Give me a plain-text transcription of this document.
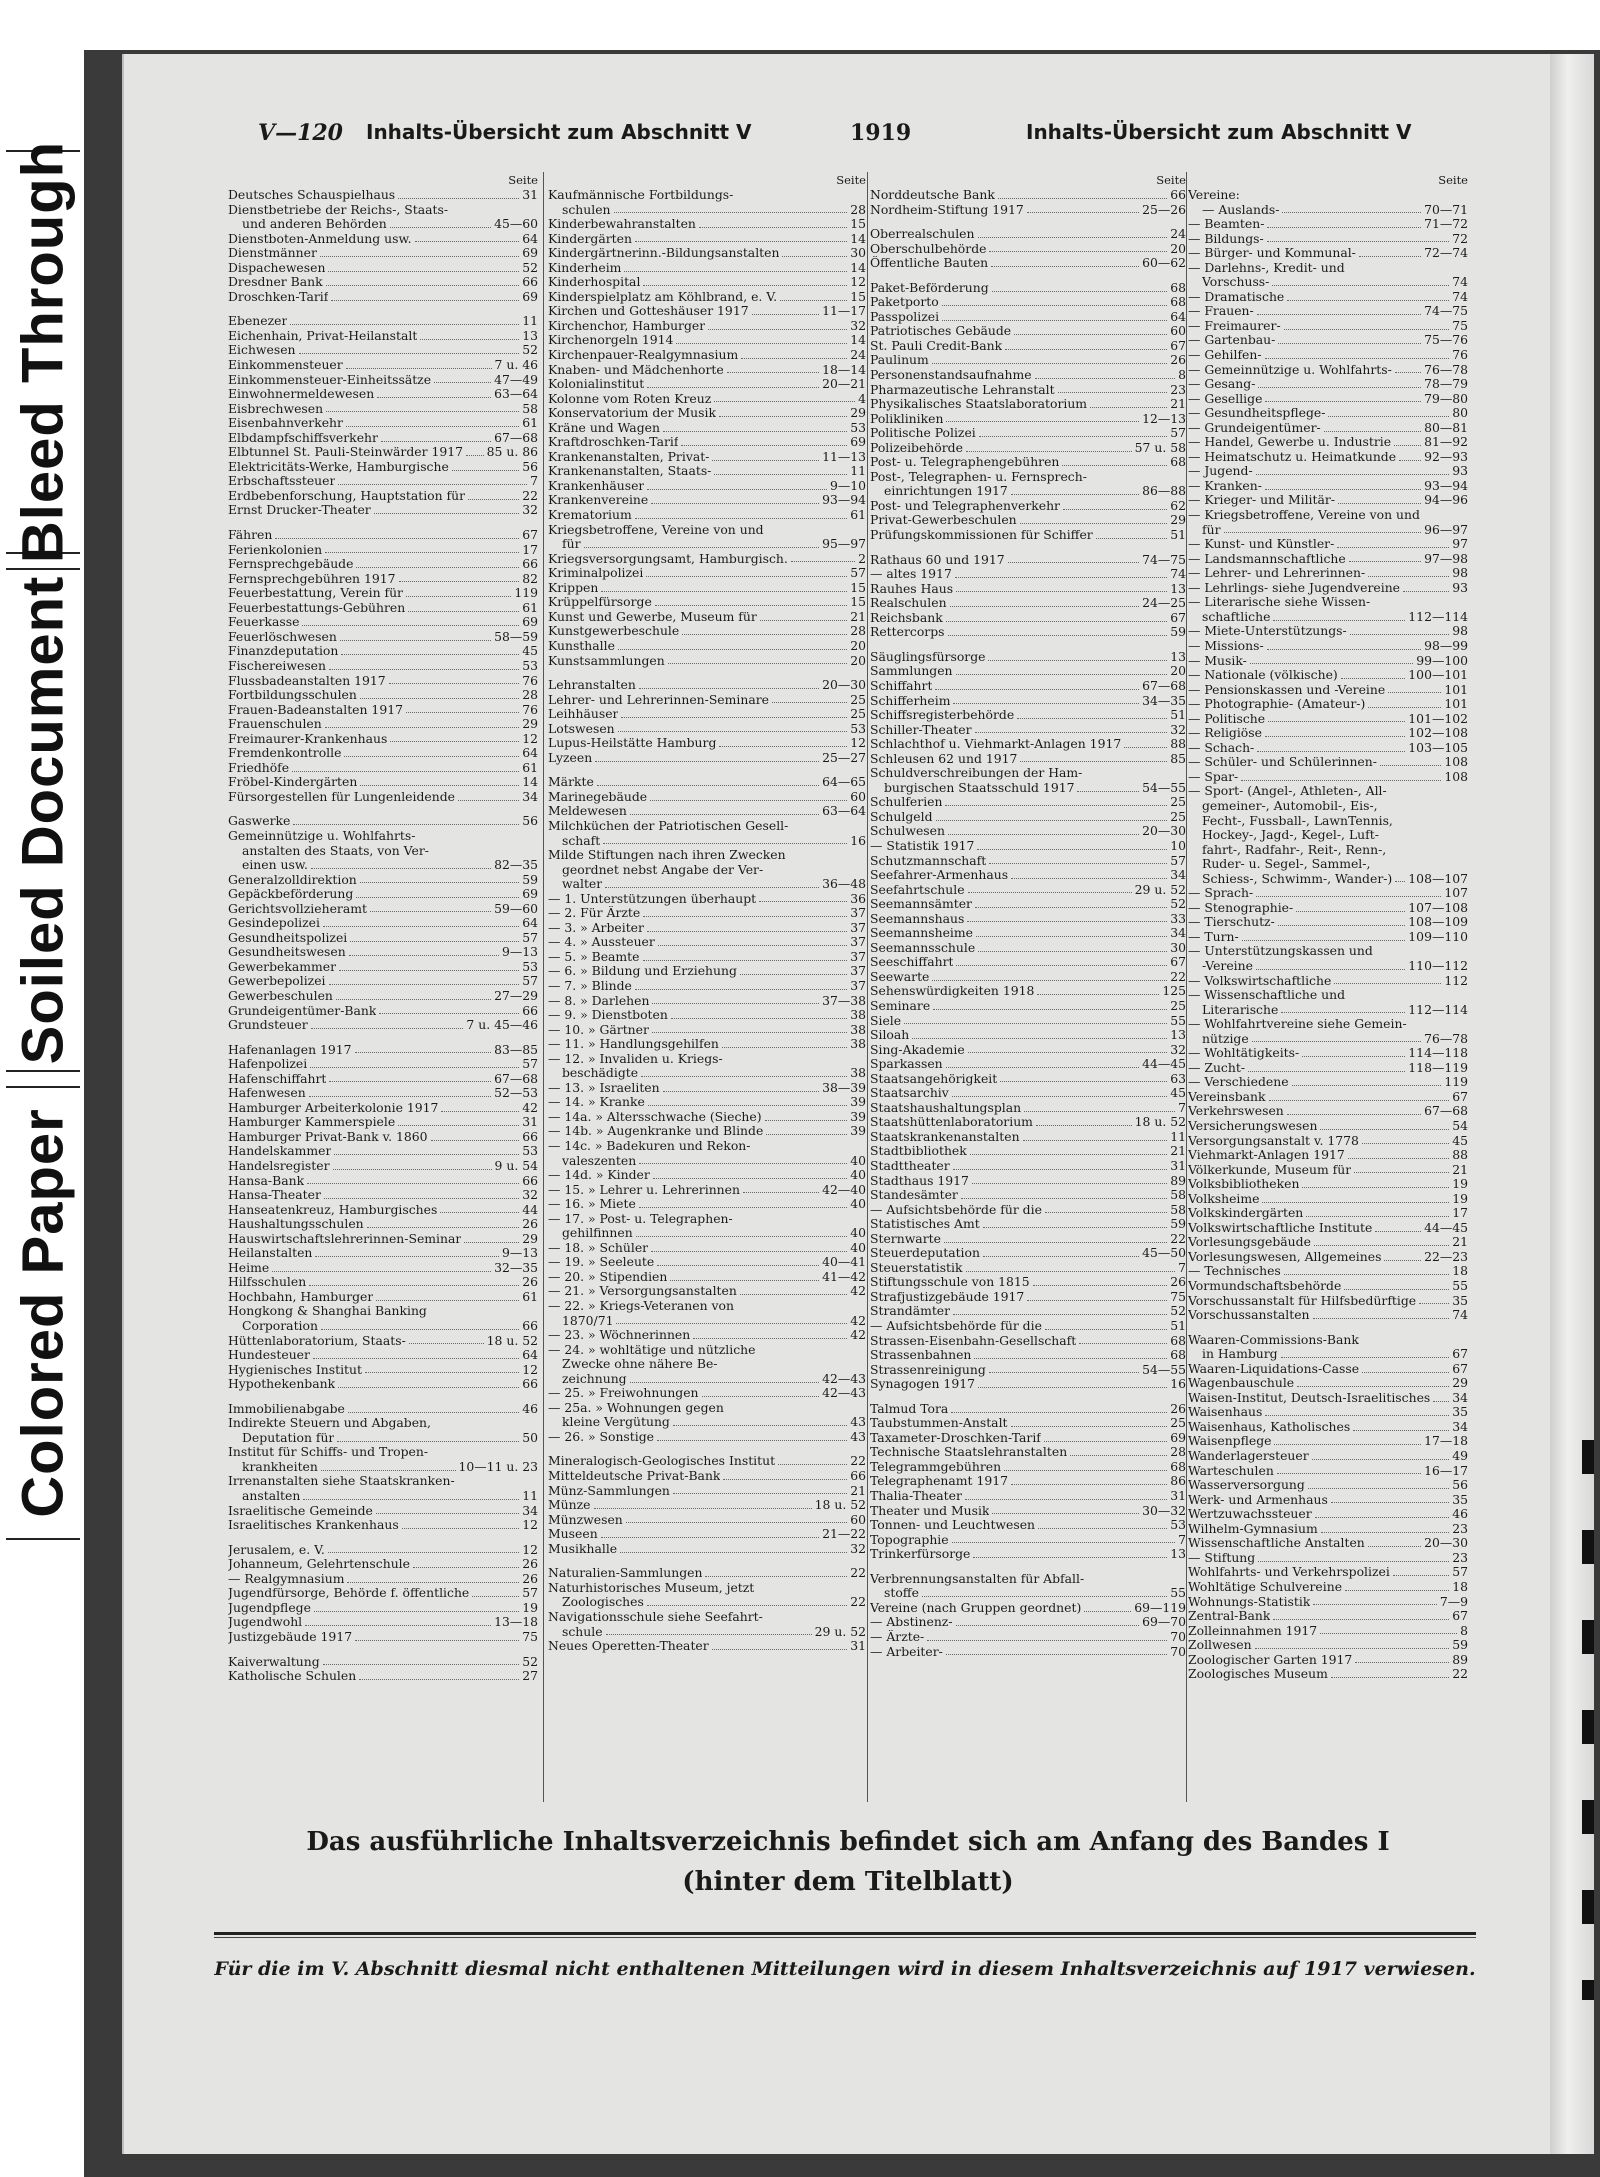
Bleed Through
Soiled Document
Colored Paper
V—120 Inhalts-Übersicht zum Abschnitt V	1919	Inhalts-Übersicht zum Abschnitt V
Seite
Deutsches Schauspielhaus	31
Dienstbetriebe der Reichs-, Staats-
und anderen Behörden	45—60
Dienstboten-Anmeldung usw.	64
Dienstmänner	69
Dispachewesen	52
Dresdner Bank	66
Droschken-Tarif	69
Ebenezer	11
Eichenhain, Privat-Heilanstalt	13
Eichwesen	52
Einkommensteuer	7 u. 46
Einkommensteuer-Einheitssätze	47—49
Einwohnermeldewesen	63—64
Eisbrechwesen	58
Eisenbahnverkehr	61
Elbdampfschiffsverkehr	67—68
Elbtunnel St. Pauli-Steinwärder 1917 85 u. 86
Elektricitäts-Werke, Hamburgische	56
Erbschaftssteuer	7
Erdbebenforschung, Hauptstation für	22
Ernst Drucker-Theater	32
Fähren	67
Ferienkolonien	17
Fernsprechgebäude	66
Fernsprechgebühren 1917	82
Feuerbestattung, Verein für	119
Feuerbestattungs-Gebühren	61
Feuerkasse	69
Feuerlöschwesen	58—59
Finanzdeputation	45
Fischereiwesen	53
Flussbadeanstalten 1917	76
Fortbildungsschulen	28
Frauen-Badeanstalten 1917	76
Frauenschulen	29
Freimaurer-Krankenhaus	12
Fremdenkontrolle	64
Friedhöfe	61
Fröbel-Kindergärten	14
Fürsorgestellen für Lungenleidende	34
Gaswerke	56
Gemeinnützige u. Wohlfahrts-
anstalten des Staats, von Ver-
einen usw.	82—35
Generalzolldirektion	59
Gepäckbeförderung	69
Gerichtsvollzieheramt	59—60
Gesindepolizei	64
Gesundheitspolizei	57
Gesundheitswesen	9—13
Gewerbekammer	53
Gewerbepolizei	57
Gewerbeschulen	27—29
Grundeigentümer-Bank	66
Grundsteuer	7 u. 45—46
Hafenanlagen 1917	83—85
Hafenpolizei	57
Hafenschiffahrt	67—68
Hafenwesen	52—53
Hamburger Arbeiterkolonie 1917	42
Hamburger Kammerspiele	31
Hamburger Privat-Bank v. 1860	66
Handelskammer	53
Handelsregister	9 u. 54
Hansa-Bank	66
Hansa-Theater	32
Hanseatenkreuz, Hamburgisches	44
Haushaltungsschulen	26
Hauswirtschaftslehrerinnen-Seminar	29
Heilanstalten	9—13
Heime	32—35
Hilfsschulen	26
Hochbahn, Hamburger	61
Hongkong & Shanghai Banking
Corporation	66
Hüttenlaboratorium, Staats-	18 u. 52
Hundesteuer	64
Hygienisches Institut	12
Hypothekenbank	66
Immobilienabgabe	46
Indirekte Steuern und Abgaben,
Deputation für	50
Institut für Schiffs- und Tropen-
krankheiten	10—11 u. 23
Irrenanstalten siehe Staatskranken-
anstalten	11
Israelitische Gemeinde	34
Israelitisches Krankenhaus	12
Jerusalem, e. V.	12
Johanneum, Gelehrtenschule	26
— Realgymnasium	26
Jugendfürsorge, Behörde f. öffentliche	57
Jugendpflege	19
Jugendwohl	13—18
Justizgebäude 1917	75
Kaiverwaltung	52
Katholische Schulen	27
Seite
Kaufmännische Fortbildungs-
schulen	28
Kinderbewahranstalten	15
Kindergärten	14
Kindergärtnerinn.-Bildungsanstalten	30
Kinderheim	14
Kinderhospital	12
Kinderspielplatz am Köhlbrand, e. V.	15
Kirchen und Gotteshäuser 1917	11—17
Kirchenchor, Hamburger	32
Kirchenorgeln 1914	14
Kirchenpauer-Realgymnasium	24
Knaben- und Mädchenhorte	18—14
Kolonialinstitut	20—21
Kolonne vom Roten Kreuz	4
Konservatorium der Musik	29
Kräne und Wagen	53
Kraftdroschken-Tarif	69
Krankenanstalten, Privat-	11—13
Krankenanstalten, Staats-	11
Krankenhäuser	9—10
Krankenvereine	93—94
Krematorium	61
Kriegsbetroffene, Vereine von und
für	95—97
Kriegsversorgungsamt, Hamburgisch.	2
Kriminalpolizei	57
Krippen	15
Krüppelfürsorge	15
Kunst und Gewerbe, Museum für	21
Kunstgewerbeschule	28
Kunsthalle	20
Kunstsammlungen	20
Lehranstalten	20—30
Lehrer- und Lehrerinnen-Seminare	25
Leihhäuser	25
Lotswesen	53
Lupus-Heilstätte Hamburg	12
Lyzeen	25—27
Märkte	64—65
Marinegebäude	60
Meldewesen	63—64
Milchküchen der Patriotischen Gesell-
schaft	16
Milde Stiftungen nach ihren Zwecken
geordnet nebst Angabe der Ver-
walter	36—48
— 1. Unterstützungen überhaupt	36
— 2. Für Ärzte	37
— 3. » Arbeiter	37
— 4. » Aussteuer	37
— 5. » Beamte	37
— 6. » Bildung und Erziehung	37
— 7. » Blinde	37
— 8. » Darlehen	37—38
— 9. » Dienstboten	38
— 10. » Gärtner	38
— 11. » Handlungsgehilfen	38
— 12. » Invaliden u. Kriegs-
beschädigte	38
— 13. » Israeliten	38—39
— 14. » Kranke	39
— 14a. » Altersschwache (Sieche)	39
— 14b. » Augenkranke und Blinde	39
— 14c. » Badekuren und Rekon-
valeszenten	40
— 14d. » Kinder	40
— 15. » Lehrer u. Lehrerinnen	42—40
— 16. » Miete	40
— 17. » Post- u. Telegraphen-
gehilfinnen	40
— 18. » Schüler	40
— 19. » Seeleute	40—41
— 20. » Stipendien	41—42
— 21. » Versorgungsanstalten	42
— 22. » Kriegs-Veteranen von
1870/71	42
— 23. » Wöchnerinnen	42
— 24. » wohltätige und nützliche
Zwecke ohne nähere Be-
zeichnung	42—43
— 25. » Freiwohnungen	42—43
— 25a. » Wohnungen gegen
kleine Vergütung	43
— 26. » Sonstige	43
Mineralogisch-Geologisches Institut	22
Mitteldeutsche Privat-Bank	66
Münz-Sammlungen	21
Münze	18 u. 52
Münzwesen	60
Museen	21—22
Musikhalle	32
Naturalien-Sammlungen	22
Naturhistorisches Museum, jetzt
Zoologisches	22
Navigationsschule siehe Seefahrt-
schule	29 u. 52
Neues Operetten-Theater	31
Seite
Norddeutsche Bank	66
Nordheim-Stiftung 1917	25—26
Oberrealschulen	24
Oberschulbehörde	20
Öffentliche Bauten	60—62
Paket-Beförderung	68
Paketporto	68
Passpolizei	64
Patriotisches Gebäude	60
St. Pauli Credit-Bank	67
Paulinum	26
Personenstandsaufnahme	8
Pharmazeutische Lehranstalt	23
Physikalisches Staatslaboratorium	21
Polikliniken	12—13
Politische Polizei	57
Polizeibehörde	57 u. 58
Post- u. Telegraphengebühren	68
Post-, Telegraphen- u. Fernsprech-
einrichtungen 1917	86—88
Post- und Telegraphenverkehr	62
Privat-Gewerbeschulen	29
Prüfungskommissionen für Schiffer	51
Rathaus 60 und 1917	74—75
— altes 1917	74
Rauhes Haus	13
Realschulen	24—25
Reichsbank	67
Rettercorps	59
Säuglingsfürsorge	13
Sammlungen	20
Schiffahrt	67—68
Schifferheim	34—35
Schiffsregisterbehörde	51
Schiller-Theater	32
Schlachthof u. Viehmarkt-Anlagen 1917	88
Schleusen 62 und 1917	85
Schuldverschreibungen der Ham-
burgischen Staatsschuld 1917	54—55
Schulferien	25
Schulgeld	25
Schulwesen	20—30
— Statistik 1917	10
Schutzmannschaft	57
Seefahrer-Armenhaus	34
Seefahrtschule	29 u. 52
Seemannsämter	52
Seemannshaus	33
Seemannsheime	34
Seemannsschule	30
Seeschiffahrt	67
Seewarte	22
Sehenswürdigkeiten 1918	125
Seminare	25
Siele	55
Siloah	13
Sing-Akademie	32
Sparkassen	44—45
Staatsangehörigkeit	63
Staatsarchiv	45
Staatshaushaltungsplan	7
Staatshüttenlaboratorium	18 u. 52
Staatskrankenanstalten	11
Stadtbibliothek	21
Stadttheater	31
Stadthaus 1917	89
Standesämter	58
— Aufsichtsbehörde für die	58
Statistisches Amt	59
Sternwarte	22
Steuerdeputation	45—50
Steuerstatistik	7
Stiftungsschule von 1815	26
Strafjustizgebäude 1917	75
Strandämter	52
— Aufsichtsbehörde für die	51
Strassen-Eisenbahn-Gesellschaft	68
Strassenbahnen	68
Strassenreinigung	54—55
Synagogen 1917	16
Talmud Tora	26
Taubstummen-Anstalt	25
Taxameter-Droschken-Tarif	69
Technische Staatslehranstalten	28
Telegrammgebühren	68
Telegraphenamt 1917	86
Thalia-Theater	31
Theater und Musik	30—32
Tonnen- und Leuchtwesen	53
Topographie	7
Trinkerfürsorge	13
Verbrennungsanstalten für Abfall-
stoffe	55
Vereine (nach Gruppen geordnet)	69—119
— Abstinenz-	69—70
— Ärzte-	70
— Arbeiter-	70
Seite
Vereine:
— Auslands-	70—71
— Beamten-	71—72
— Bildungs-	72
— Bürger- und Kommunal-	72—74
— Darlehns-, Kredit- und
Vorschuss-	74
— Dramatische	74
— Frauen-	74—75
— Freimaurer-	75
— Gartenbau-	75—76
— Gehilfen-	76
— Gemeinnützige u. Wohlfahrts-	76—78
— Gesang-	78—79
— Gesellige	79—80
— Gesundheitspflege-	80
— Grundeigentümer-	80—81
— Handel, Gewerbe u. Industrie	81—92
— Heimatschutz u. Heimatkunde 92—93
— Jugend-	93
— Kranken-	93—94
— Krieger- und Militär-	94—96
— Kriegsbetroffene, Vereine von und
für	96—97
— Kunst- und Künstler-	97
— Landsmannschaftliche	97—98
— Lehrer- und Lehrerinnen-	98
— Lehrlings- siehe Jugendvereine	93
— Literarische siehe Wissen-
schaftliche	112—114
— Miete-Unterstützungs-	98
— Missions-	98—99
— Musik-	99—100
— Nationale (völkische)	100—101
— Pensionskassen und -Vereine	101
— Photographie- (Amateur-)	101
— Politische	101—102
— Religiöse	102—108
— Schach-	103—105
— Schüler- und Schülerinnen-	108
— Spar-	108
— Sport- (Angel-, Athleten-, All-
gemeiner-, Automobil-, Eis-,
Fecht-, Fussball-, LawnTennis,
Hockey-, Jagd-, Kegel-, Luft-
fahrt-, Radfahr-, Reit-, Renn-,
Ruder- u. Segel-, Sammel-,
Schiess-, Schwimm-, Wander-) 108—107
— Sprach-	107
— Stenographie-	107—108
— Tierschutz-	108—109
— Turn-	109—110
— Unterstützungskassen und
-Vereine	110—112
— Volkswirtschaftliche	112
— Wissenschaftliche und
Literarische	112—114
— Wohlfahrtvereine siehe Gemein-
nützige	76—78
— Wohltätigkeits-	114—118
— Zucht-	118—119
— Verschiedene	119
Vereinsbank	67
Verkehrswesen	67—68
Versicherungswesen	54
Versorgungsanstalt v. 1778	45
Viehmarkt-Anlagen 1917	88
Völkerkunde, Museum für	21
Volksbibliotheken	19
Volksheime	19
Volkskindergärten	17
Volkswirtschaftliche Institute	44—45
Vorlesungsgebäude	21
Vorlesungswesen, Allgemeines	22—23
— Technisches	18
Vormundschaftsbehörde	55
Vorschussanstalt für Hilfsbedürftige	35
Vorschussanstalten	74
Waaren-Commissions-Bank
in Hamburg	67
Waaren-Liquidations-Casse	67
Wagenbauschule	29
Waisen-Institut, Deutsch-Israelitisches 34
Waisenhaus	35
Waisenhaus, Katholisches	34
Waisenpflege	17—18
Wanderlagersteuer	49
Warteschulen	16—17
Wasserversorgung	56
Werk- und Armenhaus	35
Wertzuwachssteuer	46
Wilhelm-Gymnasium	23
Wissenschaftliche Anstalten	20—30
— Stiftung	23
Wohlfahrts- und Verkehrspolizei	57
Wohltätige Schulvereine	18
Wohnungs-Statistik	7—9
Zentral-Bank	67
Zolleinnahmen 1917	8
Zollwesen	59
Zoologischer Garten 1917	89
Zoologisches Museum	22
Das ausführliche Inhaltsverzeichnis befindet sich am Anfang des Bandes I
(hinter dem Titelblatt)
Für die im V. Abschnitt diesmal nicht enthaltenen Mitteilungen wird in diesem Inhaltsverzeichnis auf 1917 verwiesen.
